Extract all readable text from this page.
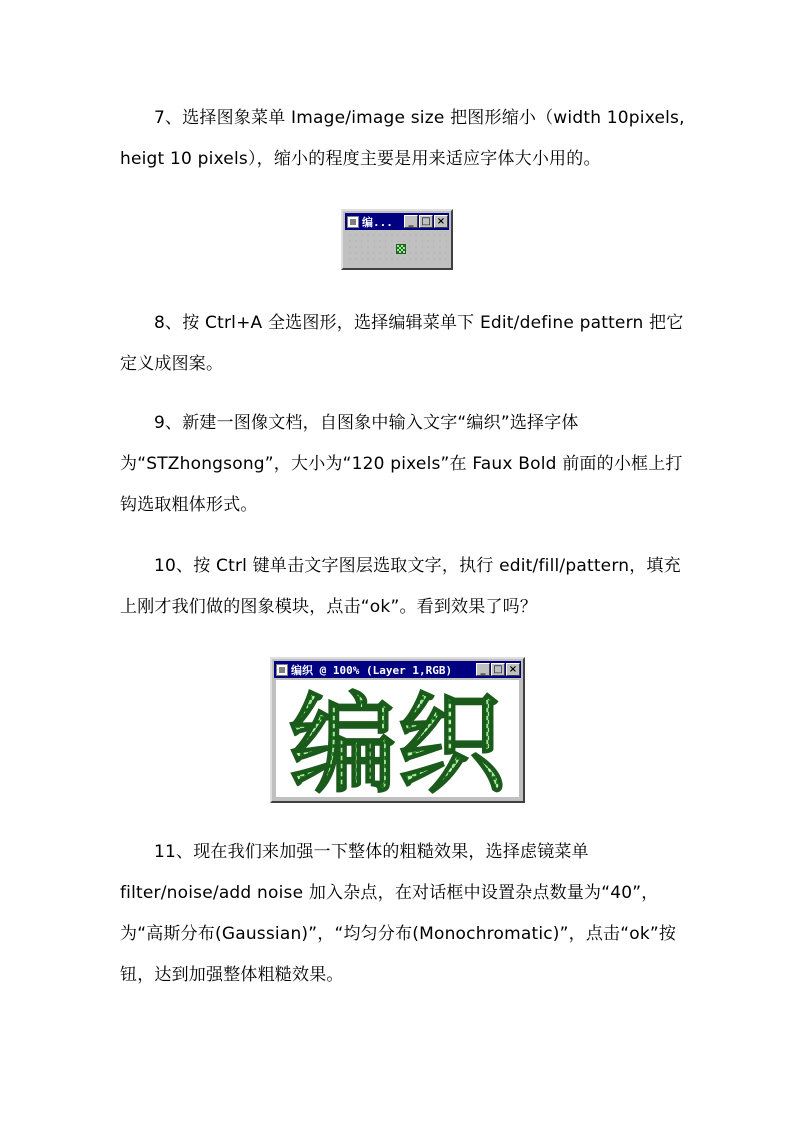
7、选择图象菜单 Image/image size 把图形缩小（width 10pixels, heigt 10 pixels），缩小的程度主要是用来适应字体大小用的。

编...	_ □ ×

8、按 Ctrl+A 全选图形，选择编辑菜单下 Edit/define pattern 把它定义成图案。

9、新建一图像文档，自图象中输入文字“编织”选择字体为“STZhongsong”，大小为“120 pixels”在 Faux Bold 前面的小框上打钩选取粗体形式。

10、按 Ctrl 键单击文字图层选取文字，执行 edit/fill/pattern，填充上刚才我们做的图象模块，点击“ok”。看到效果了吗？

编织 @ 100% (Layer 1,RGB)	_ □ ×
编织

11、现在我们来加强一下整体的粗糙效果，选择虑镜菜单 filter/noise/add noise 加入杂点，在对话框中设置杂点数量为“40”，为“高斯分布(Gaussian)”，“均匀分布(Monochromatic)”，点击“ok”按钮，达到加强整体粗糙效果。
